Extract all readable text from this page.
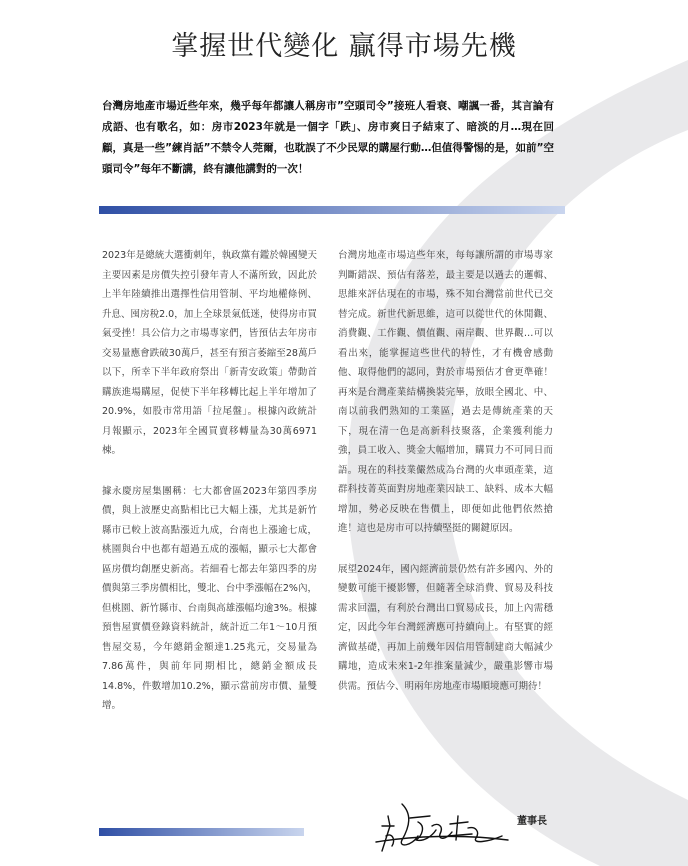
掌握世代變化 贏得市場先機
台灣房地產市場近些年來，幾乎每年都讓人稱房市”空頭司令”接班人看衰、嘲諷一番，其言論有成語、也有歌名，如：房市2023年就是一個字「跌」、房市爽日子結束了、暗淡的月…現在回顧，真是一些”練肖話”不禁令人莞爾，也耽誤了不少民眾的購屋行動…但值得警惕的是，如前”空頭司令”每年不斷講，終有讓他講對的一次！

2023年是總統大選衝刺年，執政黨有鑑於韓國變天主要因素是房價失控引發年青人不滿所致，因此於上半年陸續推出選擇性信用管制、平均地權條例、升息、囤房稅2.0，加上全球景氣低迷，使得房市買氣受挫！具公信力之市場專家們，皆預估去年房市交易量應會跌破30萬戶，甚至有預言萎縮至28萬戶以下，所幸下半年政府祭出「新青安政策」帶動首購族進場購屋，促使下半年移轉比起上半年增加了20.9%，如股市常用語「拉尾盤」。根據內政統計月報顯示，2023年全國買賣移轉量為30萬6971棟。

據永慶房屋集團稱：七大都會區2023年第四季房價，與上波歷史高點相比已大幅上漲，尤其是新竹縣市已較上波高點漲近九成，台南也上漲逾七成，桃園與台中也都有超過五成的漲幅，顯示七大都會區房價均創歷史新高。若細看七都去年第四季的房價與第三季房價相比，雙北、台中季漲幅在2%內，但桃園、新竹縣市、台南與高雄漲幅均逾3%。根據預售屋實價登錄資料統計，統計近二年1～10月預售屋交易，今年總銷金額達1.25兆元，交易量為7.86萬件，與前年同期相比，總銷金額成長14.8%，件數增加10.2%，顯示當前房市價、量雙增。

台灣房地產市場這些年來，每每讓所謂的市場專家判斷錯誤、預估有落差，最主要是以過去的邏輯、思維來評估現在的市場，殊不知台灣當前世代已交替完成。新世代新思維，這可以從世代的休閒觀、消費觀、工作觀、價值觀、兩岸觀、世界觀…可以看出來，能掌握這些世代的特性，才有機會感動他、取得他們的認同，對於市場預估才會更準確！再來是台灣產業結構換裝完畢，放眼全國北、中、南以前我們熟知的工業區，過去是傳統產業的天下，現在清一色是高新科技聚落，企業獲利能力強，員工收入、獎金大幅增加，購買力不可同日而語。現在的科技業儼然成為台灣的火車頭產業，這群科技菁英面對房地產業因缺工、缺料、成本大幅增加，勢必反映在售價上，即便如此他們依然搶進！這也是房市可以持續堅挺的關鍵原因。

展望2024年，國內經濟前景仍然有許多國內、外的變數可能干擾影響，但隨著全球消費、貿易及科技需求回溫，有利於台灣出口貿易成長，加上內需穩定，因此今年台灣經濟應可持續向上。有堅實的經濟做基礎，再加上前幾年因信用管制建商大幅減少購地，造成未來1-2年推案量減少，嚴重影響市場供需。預估今、明兩年房地產市場順境應可期待！

董事長
